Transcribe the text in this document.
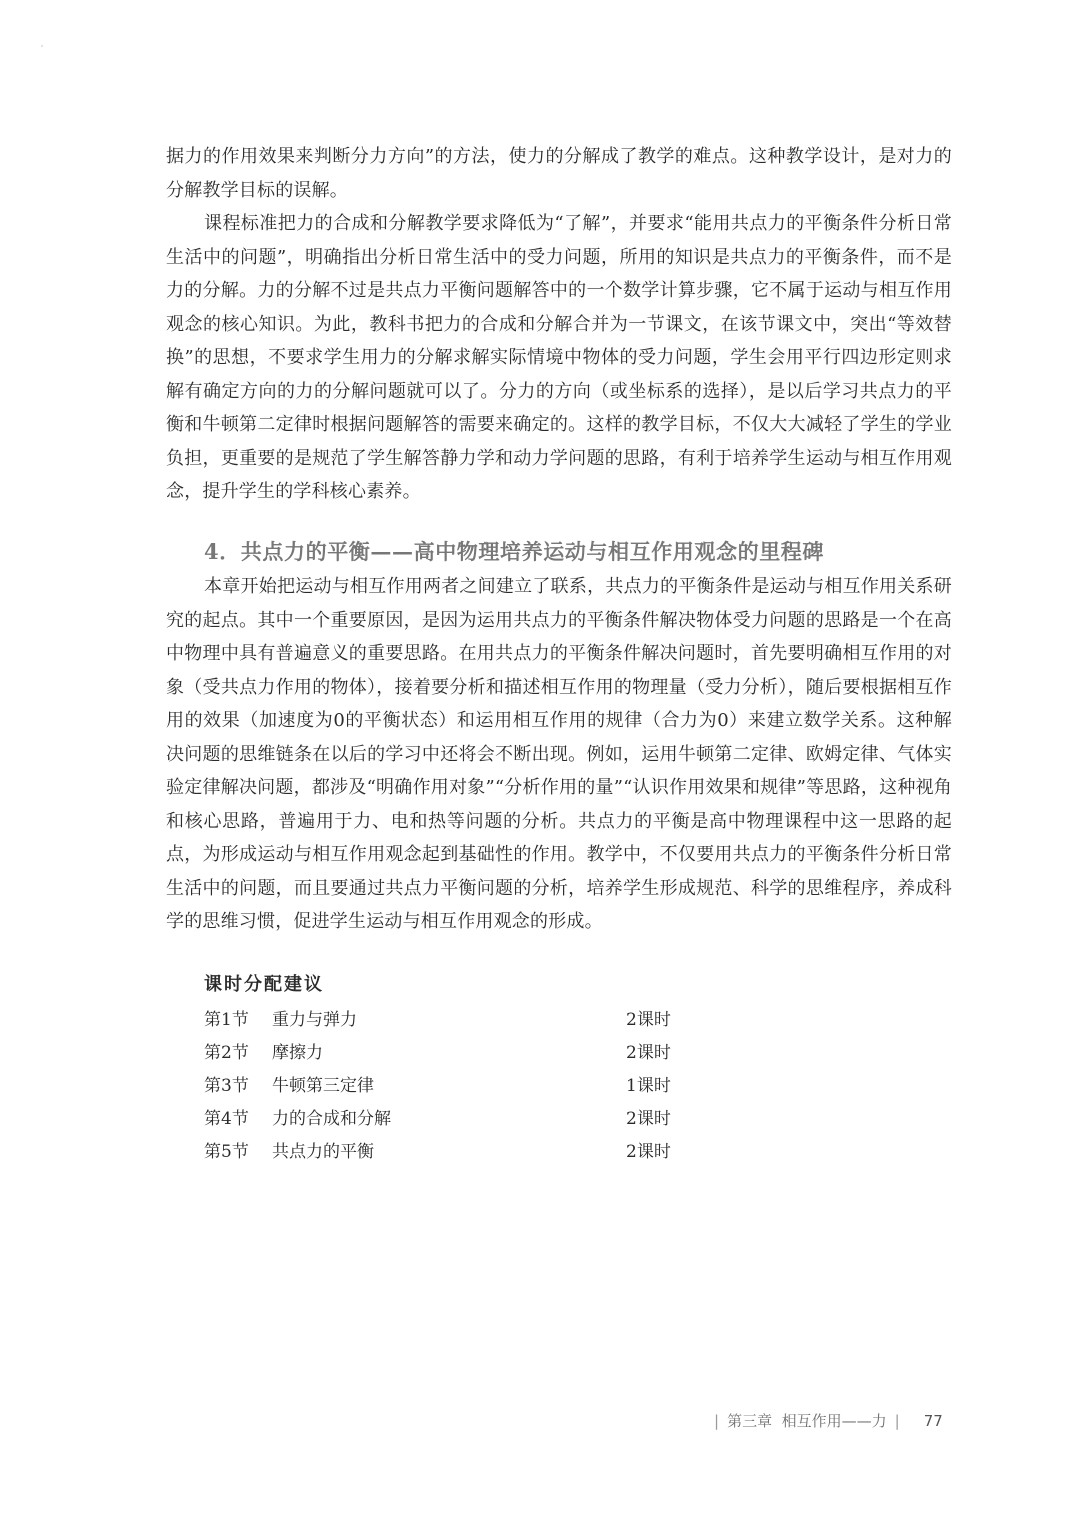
据力的作用效果来判断分力方向”的方法，使力的分解成了教学的难点。这种教学设计，是对力的分解教学目标的误解。

课程标准把力的合成和分解教学要求降低为“了解”，并要求“能用共点力的平衡条件分析日常生活中的问题”，明确指出分析日常生活中的受力问题，所用的知识是共点力的平衡条件，而不是力的分解。力的分解不过是共点力平衡问题解答中的一个数学计算步骤，它不属于运动与相互作用观念的核心知识。为此，教科书把力的合成和分解合并为一节课文，在该节课文中，突出“等效替换”的思想，不要求学生用力的分解求解实际情境中物体的受力问题，学生会用平行四边形定则求解有确定方向的力的分解问题就可以了。分力的方向（或坐标系的选择），是以后学习共点力的平衡和牛顿第二定律时根据问题解答的需要来确定的。这样的教学目标，不仅大大减轻了学生的学业负担，更重要的是规范了学生解答静力学和动力学问题的思路，有利于培养学生运动与相互作用观念，提升学生的学科核心素养。

4．共点力的平衡——高中物理培养运动与相互作用观念的里程碑

本章开始把运动与相互作用两者之间建立了联系，共点力的平衡条件是运动与相互作用关系研究的起点。其中一个重要原因，是因为运用共点力的平衡条件解决物体受力问题的思路是一个在高中物理中具有普遍意义的重要思路。在用共点力的平衡条件解决问题时，首先要明确相互作用的对象（受共点力作用的物体），接着要分析和描述相互作用的物理量（受力分析），随后要根据相互作用的效果（加速度为0的平衡状态）和运用相互作用的规律（合力为0）来建立数学关系。这种解决问题的思维链条在以后的学习中还将会不断出现。例如，运用牛顿第二定律、欧姆定律、气体实验定律解决问题，都涉及“明确作用对象”“分析作用的量”“认识作用效果和规律”等思路，这种视角和核心思路，普遍用于力、电和热等问题的分析。共点力的平衡是高中物理课程中这一思路的起点，为形成运动与相互作用观念起到基础性的作用。教学中，不仅要用共点力的平衡条件分析日常生活中的问题，而且要通过共点力平衡问题的分析，培养学生形成规范、科学的思维程序，养成科学的思维习惯，促进学生运动与相互作用观念的形成。

课时分配建议
第1节 重力与弹力	2课时
第2节 摩擦力	2课时
第3节 牛顿第三定律	1课时
第4节 力的合成和分解	2课时
第5节 共点力的平衡	2课时
| 第三章 相互作用——力 | 77
